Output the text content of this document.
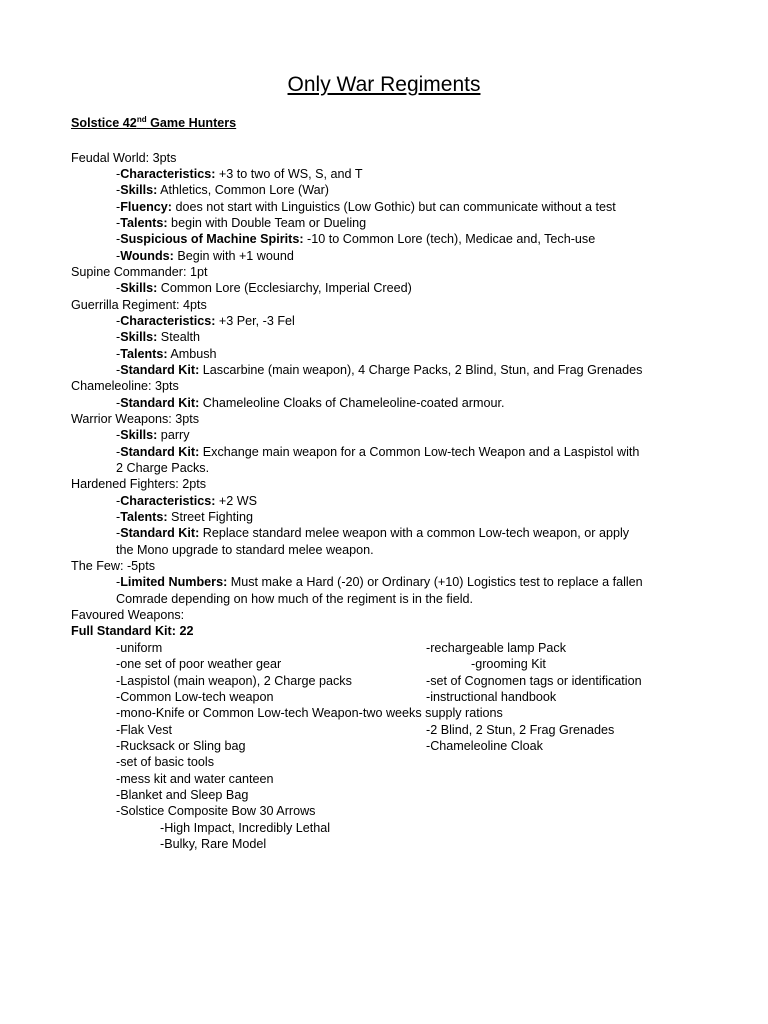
Only War Regiments
Solstice 42nd Game Hunters
Feudal World: 3pts
-Characteristics: +3 to two of WS, S, and T
-Skills: Athletics, Common Lore (War)
-Fluency: does not start with Linguistics (Low Gothic) but can communicate without a test
-Talents: begin with Double Team or Dueling
-Suspicious of Machine Spirits: -10 to Common Lore (tech), Medicae and, Tech-use
-Wounds: Begin with +1 wound
Supine Commander: 1pt
-Skills: Common Lore (Ecclesiarchy, Imperial Creed)
Guerrilla Regiment: 4pts
-Characteristics: +3 Per, -3 Fel
-Skills: Stealth
-Talents: Ambush
-Standard Kit: Lascarbine (main weapon), 4 Charge Packs, 2 Blind, Stun, and Frag Grenades
Chameleoline: 3pts
-Standard Kit: Chameleoline Cloaks of Chameleoline-coated armour.
Warrior Weapons: 3pts
-Skills: parry
-Standard Kit: Exchange main weapon for a Common Low-tech Weapon and a Laspistol with
2 Charge Packs.
Hardened Fighters: 2pts
-Characteristics: +2 WS
-Talents: Street Fighting
-Standard Kit: Replace standard melee weapon with a common Low-tech weapon, or apply
the Mono upgrade to standard melee weapon.
The Few: -5pts
-Limited Numbers: Must make a Hard (-20) or Ordinary (+10) Logistics test to replace a fallen
Comrade depending on how much of the regiment is in the field.
Favoured Weapons:
Full Standard Kit: 22
-uniform
-one set of poor weather gear
-Laspistol (main weapon), 2 Charge packs
-Common Low-tech weapon
-mono-Knife or Common Low-tech Weapon-two weeks supply rations
-Flak Vest
-Rucksack or Sling bag
-set of basic tools
-mess kit and water canteen
-Blanket and Sleep Bag
-Solstice Composite Bow 30 Arrows
-High Impact, Incredibly Lethal
-Bulky, Rare Model
-rechargeable lamp Pack
-grooming Kit
-set of Cognomen tags or identification
-instructional handbook
-2 Blind, 2 Stun, 2 Frag Grenades
-Chameleoline Cloak
